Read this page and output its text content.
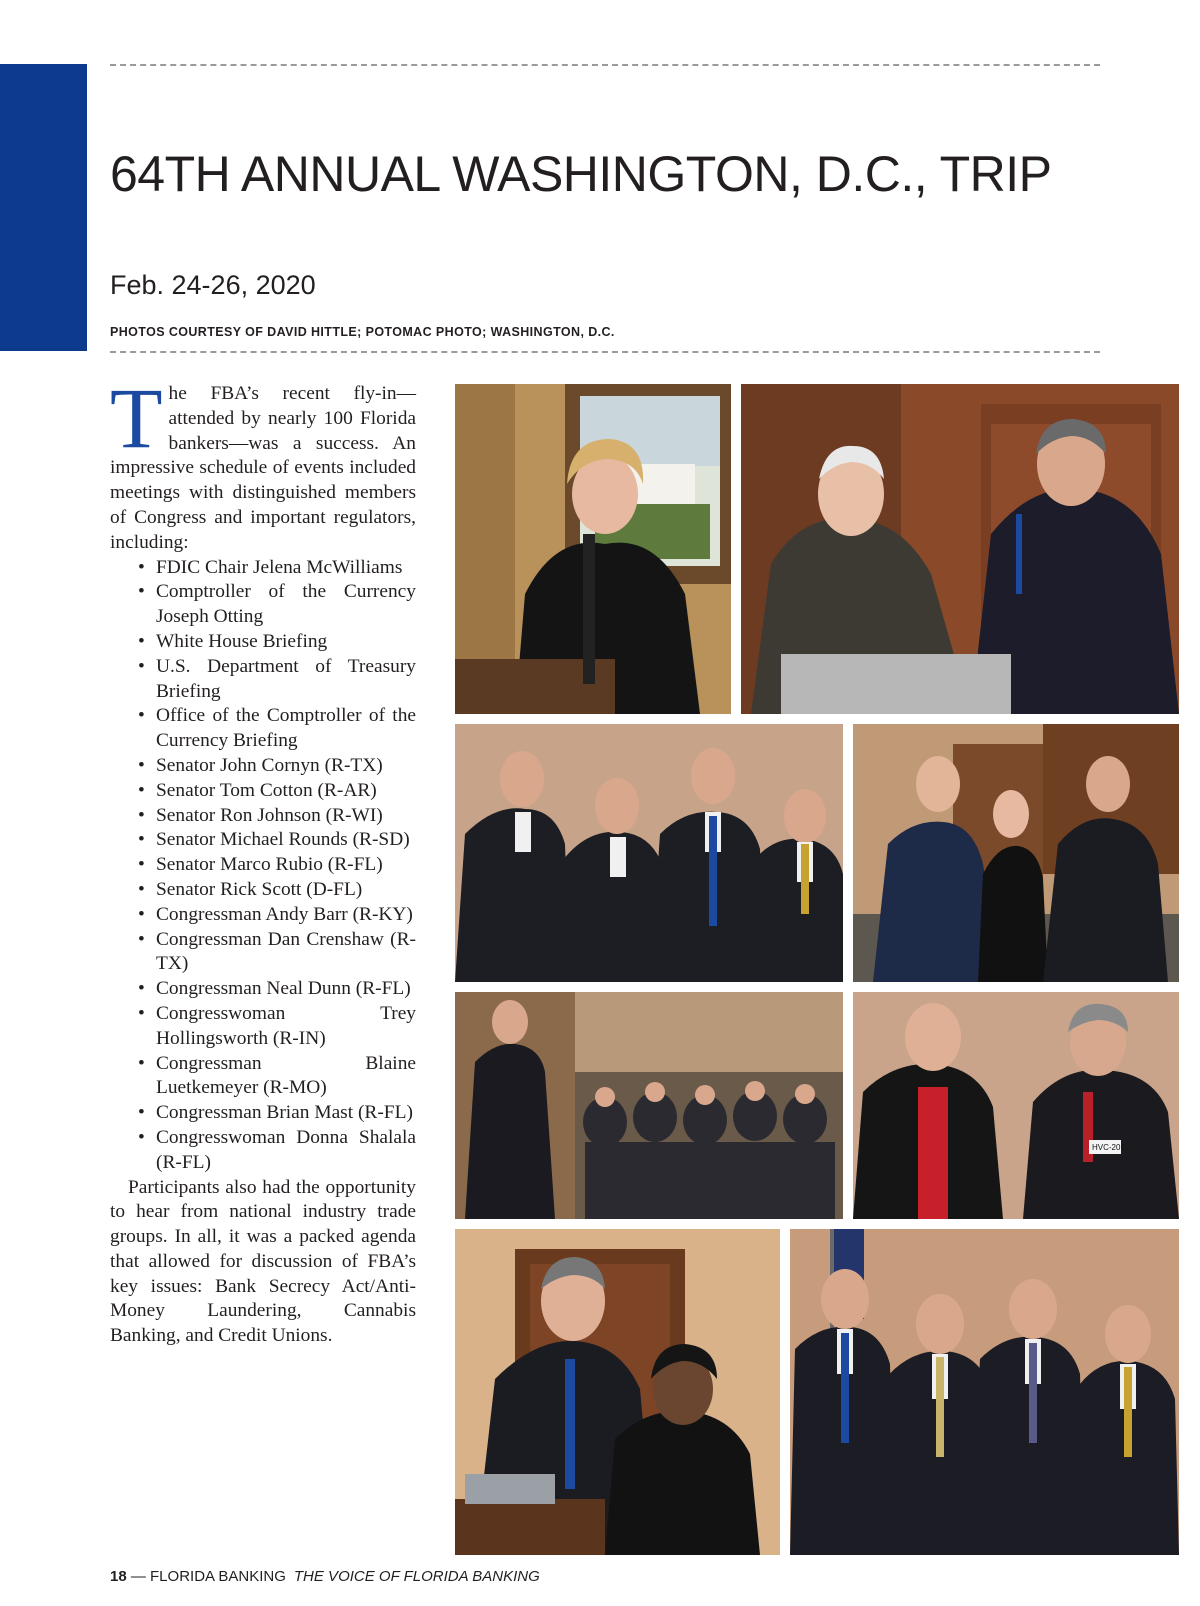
64TH ANNUAL WASHINGTON, D.C., TRIP
Feb. 24-26, 2020
PHOTOS COURTESY OF DAVID HITTLE; POTOMAC PHOTO; WASHINGTON, D.C.

The FBA’s recent fly-in—attended by nearly 100 Florida bankers—was a success. An impressive schedule of events included meetings with distinguished members of Congress and important regulators, including:

• FDIC Chair Jelena McWilliams
• Comptroller of the Currency Joseph Otting
• White House Briefing
• U.S. Department of Treasury Briefing
• Office of the Comptroller of the Currency Briefing
• Senator John Cornyn (R-TX)
• Senator Tom Cotton (R-AR)
• Senator Ron Johnson (R-WI)
• Senator Michael Rounds (R-SD)
• Senator Marco Rubio (R-FL)
• Senator Rick Scott (D-FL)
• Congressman Andy Barr (R-KY)
• Congressman Dan Crenshaw (R-TX)
• Congressman Neal Dunn (R-FL)
• Congresswoman Trey Hollingsworth (R-IN)
• Congressman Blaine Luetkemeyer (R-MO)
• Congressman Brian Mast (R-FL)
• Congresswoman Donna Shalala (R-FL)

Participants also had the opportunity to hear from national industry trade groups. In all, it was a packed agenda that allowed for discussion of FBA’s key issues: Bank Secrecy Act/Anti-Money Laundering, Cannabis Banking, and Credit Unions.

HVC-201
18 — FLORIDA BANKING THE VOICE OF FLORIDA BANKING
